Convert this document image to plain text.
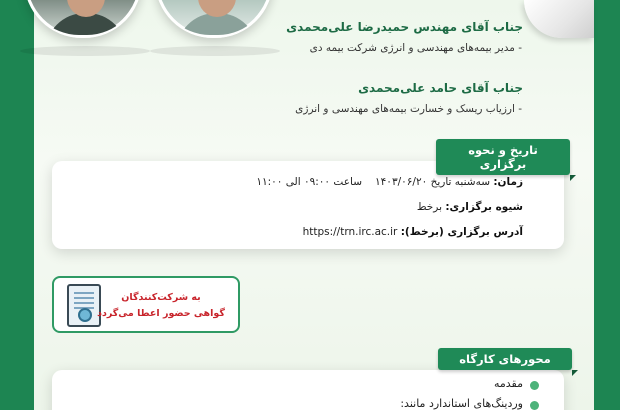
جناب آقای مهندس حمیدرضا علی‌محمدی
- مدیر بیمه‌های مهندسی و انرژی شرکت بیمه دی
جناب آقای حامد علی‌محمدی
- ارزیاب ریسک و خسارت بیمه‌های مهندسی و انرژی
تاریخ و نحوه برگزاری
زمان: سه‌شنبه تاریخ ۱۴۰۳/۰۶/۲۰
ساعت ۰۹:۰۰ الی ۱۱:۰۰
شیوه برگزاری: برخط
آدرس برگزاری (برخط): https://trn.irc.ac.ir
به شرکت‌کنندگان
گواهی حضور اعطا می‌گردد
محورهای کارگاه
مقدمه
وردینگ‌های استاندارد مانند:
